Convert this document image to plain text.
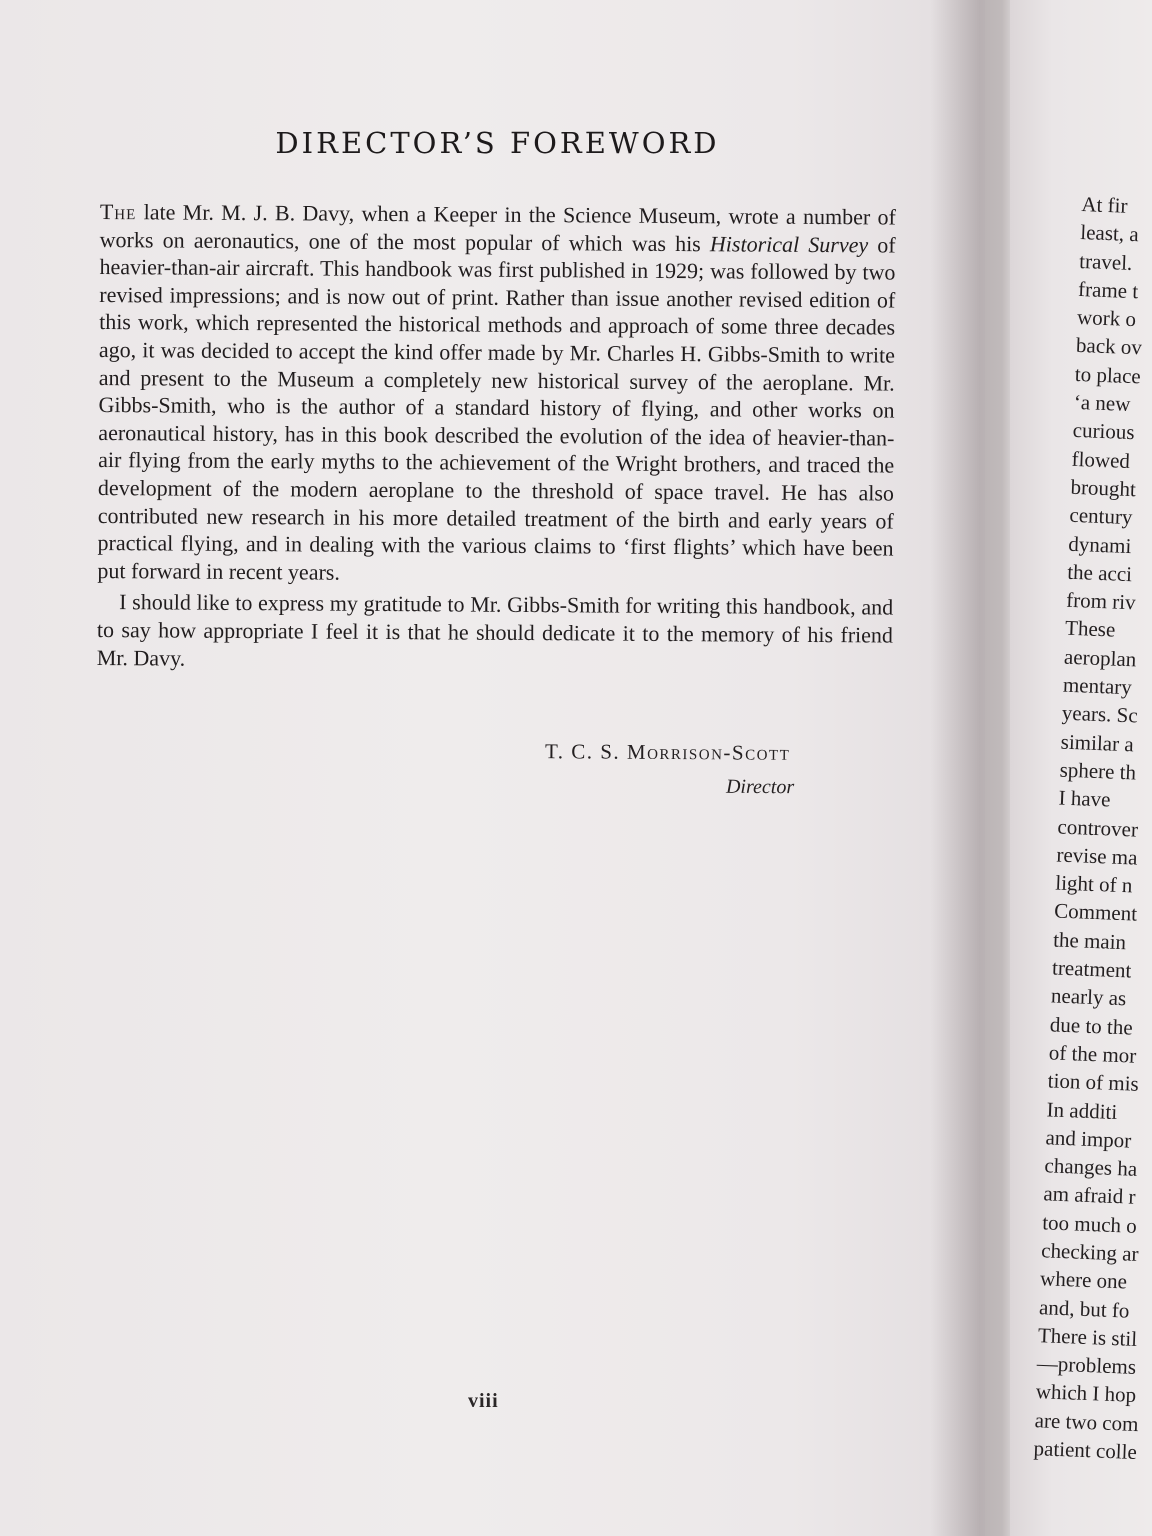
DIRECTOR’S FOREWORD

The late Mr. M. J. B. Davy, when a Keeper in the Science Museum, wrote a number of works on aeronautics, one of the most popular of which was his Historical Survey of heavier-than-air aircraft. This handbook was first published in 1929; was followed by two revised impressions; and is now out of print. Rather than issue another revised edition of this work, which represented the historical methods and approach of some three decades ago, it was decided to accept the kind offer made by Mr. Charles H. Gibbs-Smith to write and present to the Museum a completely new historical survey of the aeroplane. Mr. Gibbs-Smith, who is the author of a standard history of flying, and other works on aeronautical history, has in this book described the evolution of the idea of heavier-than-air flying from the early myths to the achievement of the Wright brothers, and traced the development of the modern aeroplane to the threshold of space travel. He has also contributed new research in his more detailed treatment of the birth and early years of practical flying, and in dealing with the various claims to ‘first flights’ which have been put forward in recent years.

I should like to express my gratitude to Mr. Gibbs-Smith for writing this handbook, and to say how appropriate I feel it is that he should dedicate it to the memory of his friend Mr. Davy.

T. C. S. Morrison-Scott
Director
viii
At fir
least, a
travel.
frame t
work o
back ov
to place
‘a new
curious
flowed
brought
century
dynami
the acci
from riv
These
aeroplan
mentary
years. Sc
similar a
sphere th
I have
controver
revise ma
light of n
Comment
the main
treatment
nearly as
due to the
of the mor
tion of mis
In additi
and impor
changes ha
am afraid r
too much o
checking ar
where one
and, but fo
There is stil
—problems
which I hop
are two com
patient colle
